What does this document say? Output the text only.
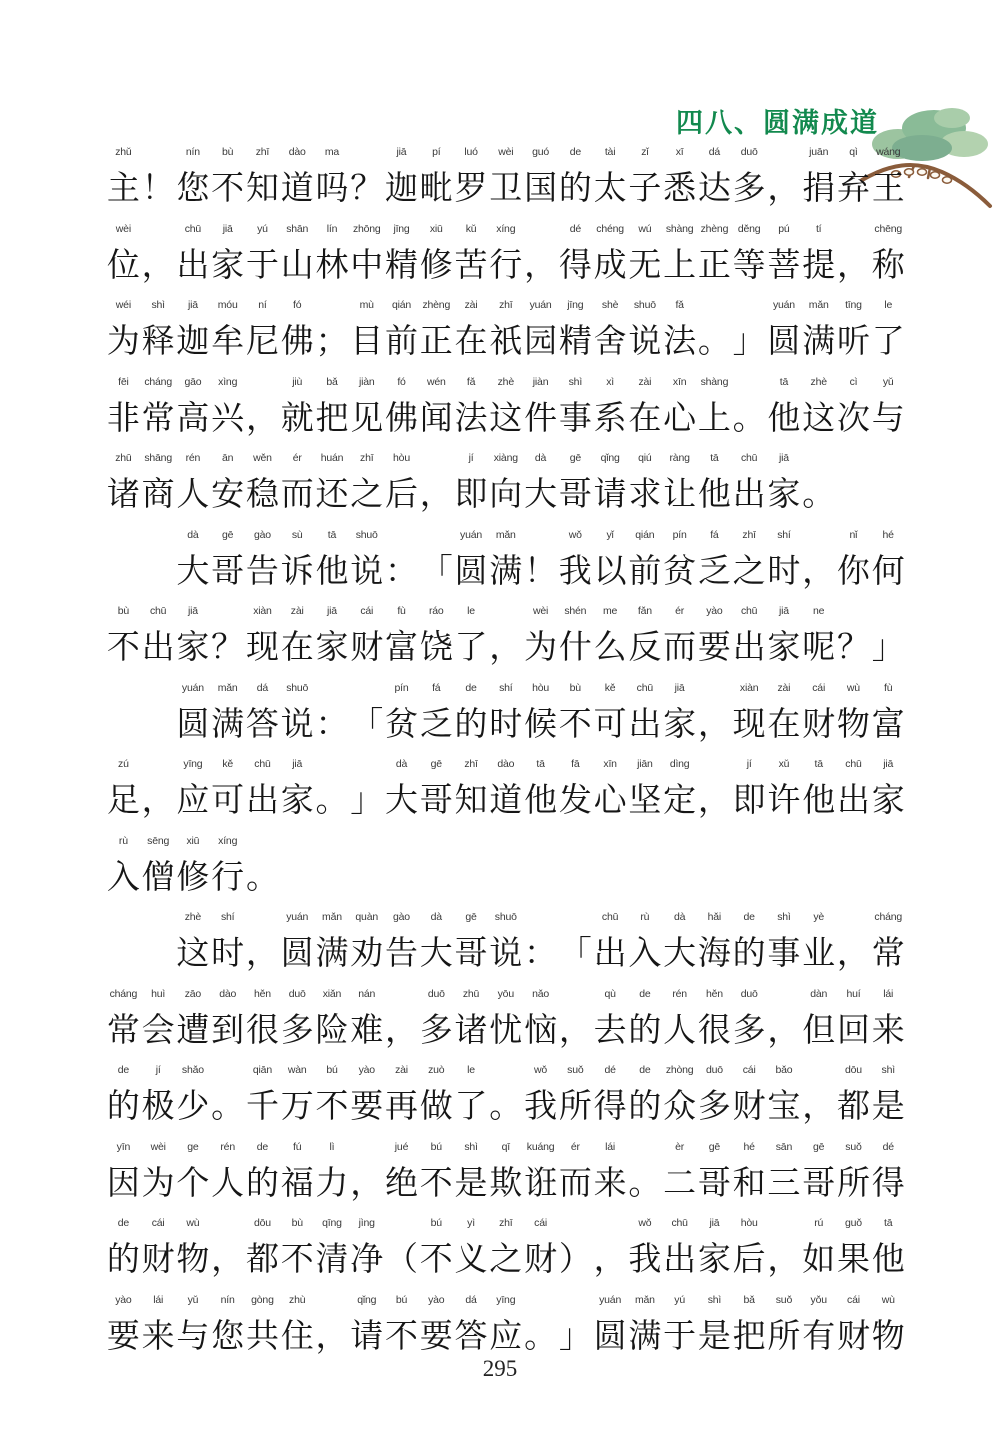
四八、圆满成道
zhǔ
主 ！
nín
您
bù
不
zhī
知
dào
道
ma
吗 ？
jiā
迦
pí
毗
luó
罗
wèi
卫
guó
国
de
的
tài
太
zǐ
子
xī
悉
dá
达
duō
多 ，
juān
捐
qì
弃
wáng
王
wèi
位 ，
chū
出
jiā
家
yú
于
shān
山
lín
林
zhōng
中
jīng
精
xiū
修
kǔ
苦
xíng
行 ，
dé
得
chéng
成
wú
无
shàng
上
zhèng
正
děng
等
pú
菩
tí
提 ，
chēng
称
wéi
为
shì
释
jiā
迦
móu
牟
ní
尼
fó
佛 ；
mù
目
qián
前
zhèng
正
zài
在
zhī
祇
yuán
园
jīng
精
shè
舍
shuō
说
fǎ
法 。 」
yuán
圆
mǎn
满
tīng
听
le
了
fēi
非
cháng
常
gāo
高
xìng
兴 ，
jiù
就
bǎ
把
jiàn
见
fó
佛
wén
闻
fǎ
法
zhè
这
jiàn
件
shì
事
xì
系
zài
在
xīn
心
shàng
上 。
tā
他
zhè
这
cì
次
yǔ
与
zhū
诸
shāng
商
rén
人
ān
安
wěn
稳
ér
而
huán
还
zhī
之
hòu
后 ，
jí
即
xiàng
向
dà
大
gē
哥
qǐng
请
qiú
求
ràng
让
tā
他
chū
出
jiā
家 。
dà
大
gē
哥
gào
告
sù
诉
tā
他
shuō
说 ： 「
yuán
圆
mǎn
满 ！
wǒ
我
yǐ
以
qián
前
pín
贫
fá
乏
zhī
之
shí
时 ，
nǐ
你
hé
何
bù
不
chū
出
jiā
家 ？
xiàn
现
zài
在
jiā
家
cái
财
fù
富
ráo
饶
le
了 ，
wèi
为
shén
什
me
么
fǎn
反
ér
而
yào
要
chū
出
jiā
家
ne
呢 ？ 」
yuán
圆
mǎn
满
dá
答
shuō
说 ： 「
pín
贫
fá
乏
de
的
shí
时
hòu
候
bù
不
kě
可
chū
出
jiā
家 ，
xiàn
现
zài
在
cái
财
wù
物
fù
富
zú
足 ，
yīng
应
kě
可
chū
出
jiā
家 。 」
dà
大
gē
哥
zhī
知
dào
道
tā
他
fā
发
xīn
心
jiān
坚
dìng
定 ，
jí
即
xǔ
许
tā
他
chū
出
jiā
家
rù
入
sēng
僧
xiū
修
xíng
行 。
zhè
这
shí
时 ，
yuán
圆
mǎn
满
quàn
劝
gào
告
dà
大
gē
哥
shuō
说 ： 「
chū
出
rù
入
dà
大
hǎi
海
de
的
shì
事
yè
业 ，
cháng
常
cháng
常
huì
会
zāo
遭
dào
到
hěn
很
duō
多
xiǎn
险
nán
难 ，
duō
多
zhū
诸
yōu
忧
nǎo
恼 ，
qù
去
de
的
rén
人
hěn
很
duō
多 ，
dàn
但
huí
回
lái
来
de
的
jí
极
shǎo
少 。
qiān
千
wàn
万
bú
不
yào
要
zài
再
zuò
做
le
了 。
wǒ
我
suǒ
所
dé
得
de
的
zhòng
众
duō
多
cái
财
bǎo
宝 ，
dōu
都
shì
是
yīn
因
wèi
为
ge
个
rén
人
de
的
fú
福
lì
力 ，
jué
绝
bú
不
shì
是
qī
欺
kuáng
诳
ér
而
lái
来 。
èr
二
gē
哥
hé
和
sān
三
gē
哥
suǒ
所
dé
得
de
的
cái
财
wù
物 ，
dōu
都
bù
不
qīng
清
jìng
净 （
bú
不
yì
义
zhī
之
cái
财 ） ，
wǒ
我
chū
出
jiā
家
hòu
后 ，
rú
如
guǒ
果
tā
他
yào
要
lái
来
yǔ
与
nín
您
gòng
共
zhù
住 ，
qǐng
请
bú
不
yào
要
dá
答
yīng
应 。 」
yuán
圆
mǎn
满
yú
于
shì
是
bǎ
把
suǒ
所
yǒu
有
cái
财
wù
物
295
